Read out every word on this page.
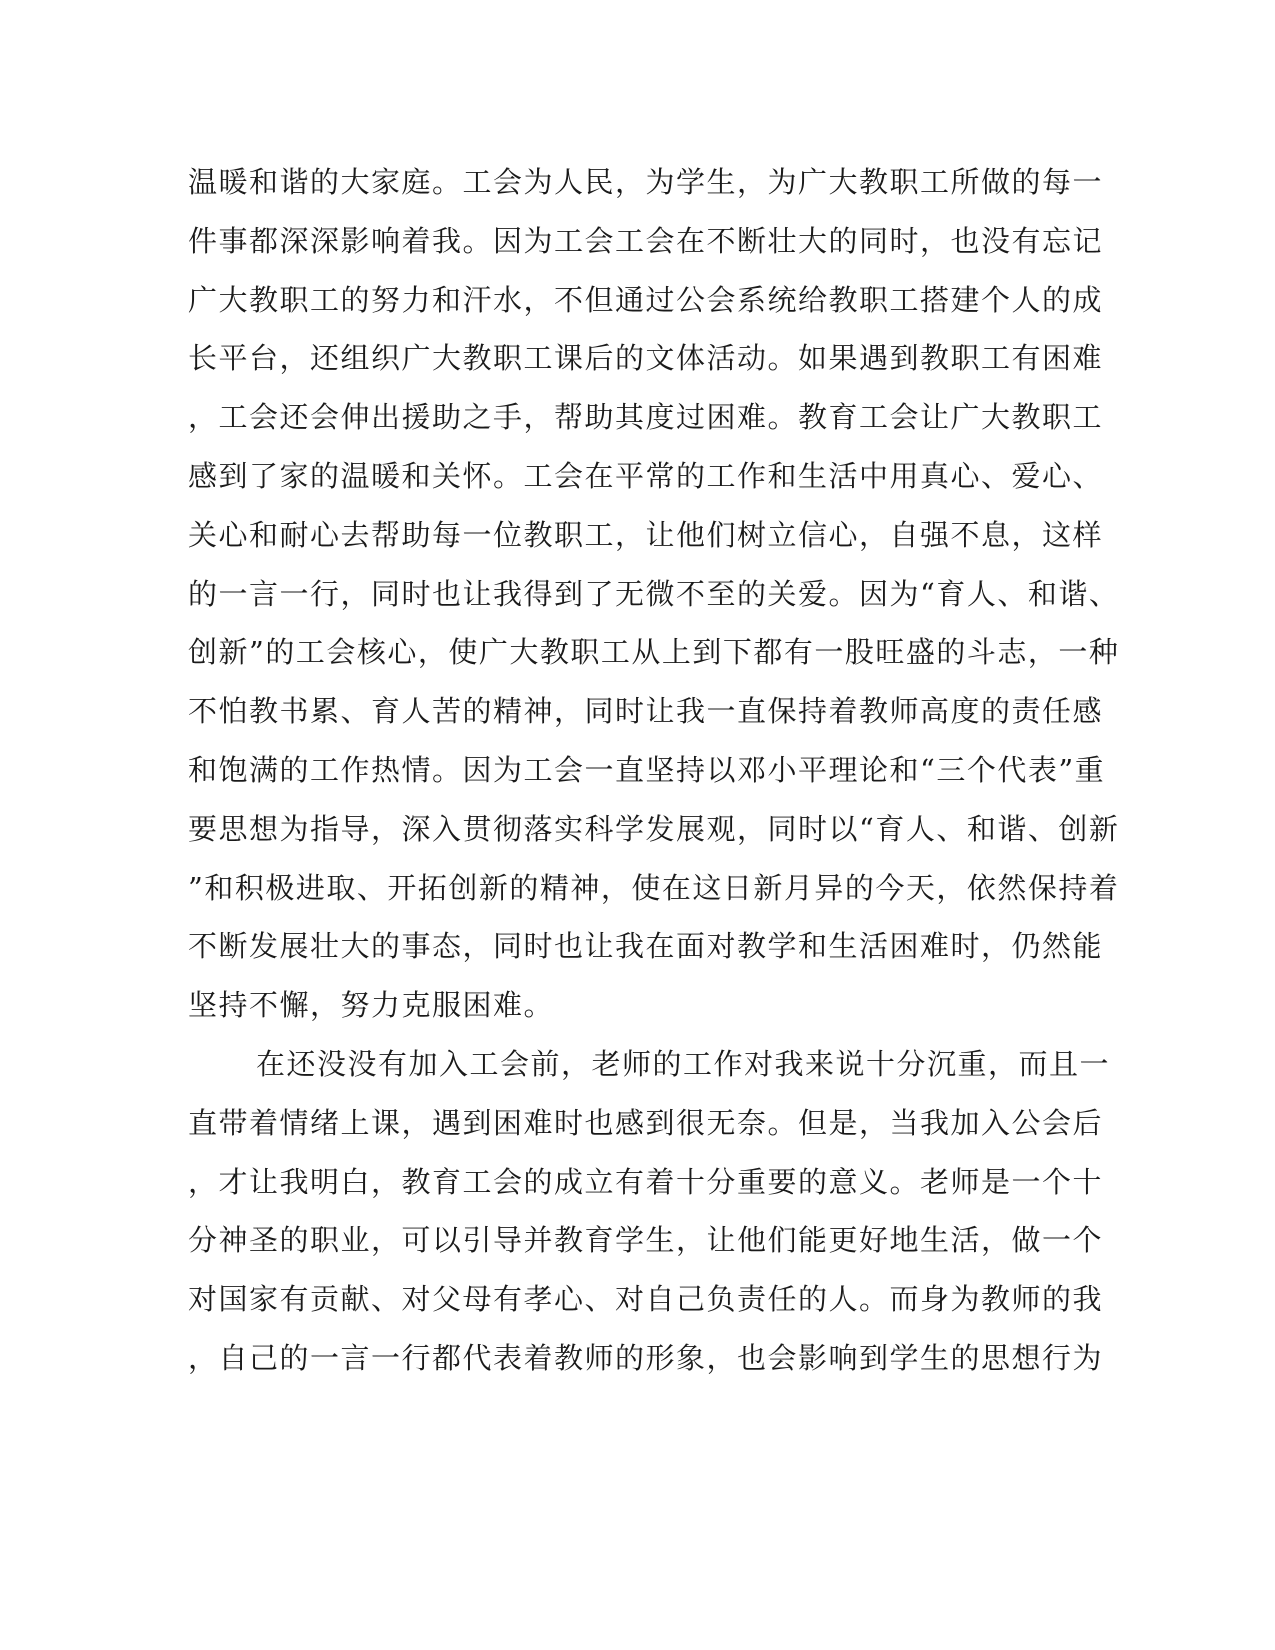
温暖和谐的大家庭。工会为人民，为学生，为广大教职工所做的每一
件事都深深影响着我。因为工会工会在不断壮大的同时，也没有忘记
广大教职工的努力和汗水，不但通过公会系统给教职工搭建个人的成
长平台，还组织广大教职工课后的文体活动。如果遇到教职工有困难
，工会还会伸出援助之手，帮助其度过困难。教育工会让广大教职工
感到了家的温暖和关怀。工会在平常的工作和生活中用真心、爱心、
关心和耐心去帮助每一位教职工，让他们树立信心，自强不息，这样
的一言一行，同时也让我得到了无微不至的关爱。因为“育人、和谐、
创新”的工会核心，使广大教职工从上到下都有一股旺盛的斗志，一种
不怕教书累、育人苦的精神，同时让我一直保持着教师高度的责任感
和饱满的工作热情。因为工会一直坚持以邓小平理论和“三个代表”重
要思想为指导，深入贯彻落实科学发展观，同时以“育人、和谐、创新
”和积极进取、开拓创新的精神，使在这日新月异的今天，依然保持着
不断发展壮大的事态，同时也让我在面对教学和生活困难时，仍然能
坚持不懈，努力克服困难。
在还没没有加入工会前，老师的工作对我来说十分沉重，而且一
直带着情绪上课，遇到困难时也感到很无奈。但是，当我加入公会后
，才让我明白，教育工会的成立有着十分重要的意义。老师是一个十
分神圣的职业，可以引导并教育学生，让他们能更好地生活，做一个
对国家有贡献、对父母有孝心、对自己负责任的人。而身为教师的我
，自己的一言一行都代表着教师的形象，也会影响到学生的思想行为
